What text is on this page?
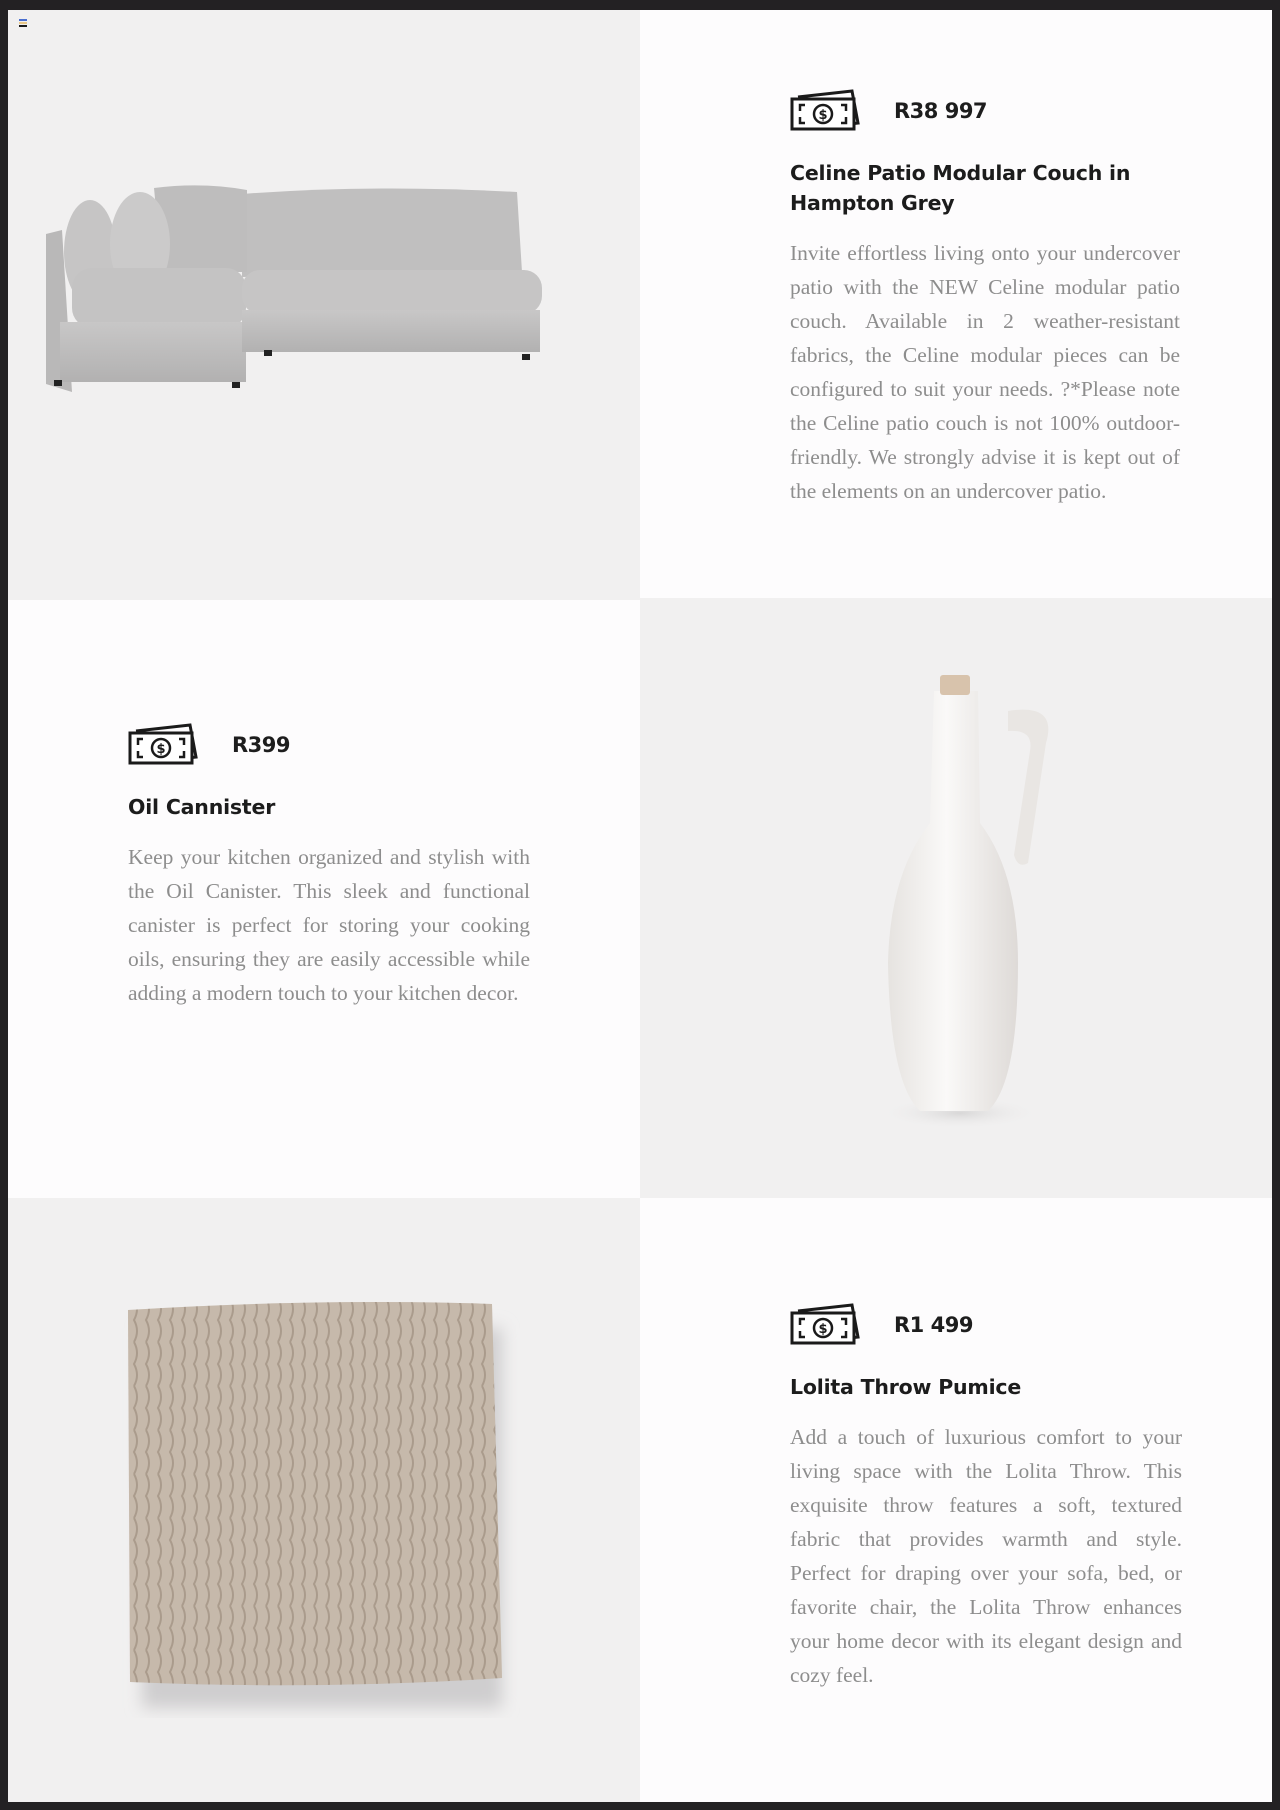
$	R38 997
Celine Patio Modular Couch in Hampton Grey
Invite effortless living onto your undercover patio with the NEW Celine modular patio couch. Available in 2 weather-resistant fabrics, the Celine modular pieces can be configured to suit your needs. ?*Please note the Celine patio couch is not 100% outdoor-friendly. We strongly advise it is kept out of the elements on an undercover patio.
$	R399
Oil Cannister
Keep your kitchen organized and stylish with the Oil Canister. This sleek and functional canister is perfect for storing your cooking oils, ensuring they are easily accessible while adding a modern touch to your kitchen decor.
$	R1 499
Lolita Throw Pumice
Add a touch of luxurious comfort to your living space with the Lolita Throw. This exquisite throw features a soft, textured fabric that provides warmth and style. Perfect for draping over your sofa, bed, or favorite chair, the Lolita Throw enhances your home decor with its elegant design and cozy feel.
